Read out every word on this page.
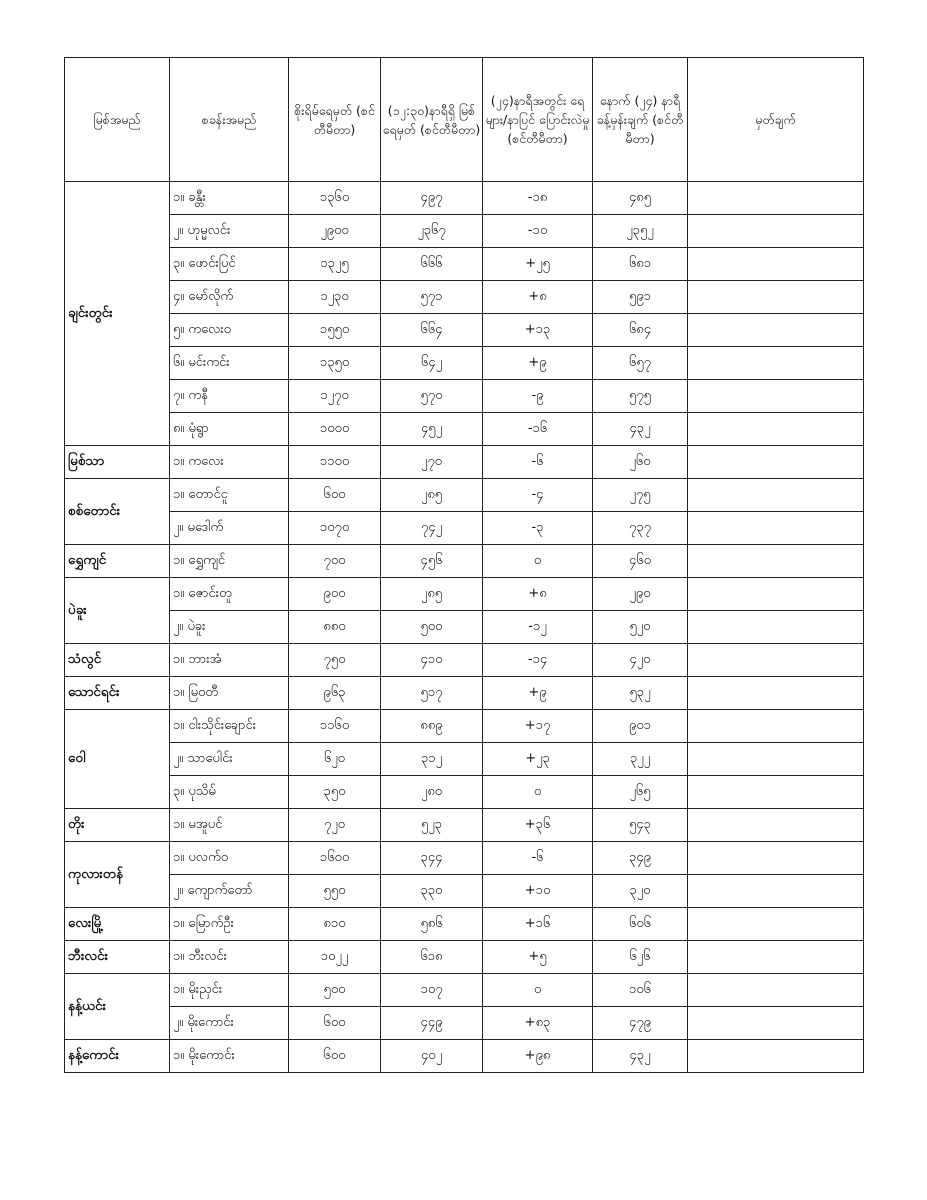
မြစ်အမည်	စခန်းအမည်	စိုးရိမ်ရေမှတ် (စင်တီမီတာ)	(၁၂:၃၀)နာရီရှိ မြစ်ရေမှတ် (စင်တီမီတာ)	(၂၄)နာရီအတွင်း ရေများ/နာပြင် ပြောင်းလဲမှု (စင်တီမီတာ)	နောက် (၂၄) နာရီ ခန့်မှန်းချက် (စင်တီမီတာ)	မှတ်ချက်
ချင်းတွင်း	၁။ ခန္တီး	၁၃၆၀	၄၉၇	-၁၈	၄၈၅	
	၂။ ဟုမ္မလင်း	၂၉၀၀	၂၃၆၇	-၁၀	၂၃၅၂	
	၃။ ဖောင်းပြင်	၁၃၂၅	၆၆၆	+၂၅	၆၈၁	
	၄။ မော်လိုက်	၁၂၃၀	၅၇၁	+၈	၅၉၁	
	၅။ ကလေးဝ	၁၅၅၀	၆၆၄	+၁၃	၆၈၄	
	၆။ မင်းကင်း	၁၃၅၀	၆၄၂	+၉	၆၅၇	
	၇။ ကနီ	၁၂၇၀	၅၇၀	-၉	၅၇၅	
	၈။ မုံရွာ	၁၀၀၀	၄၅၂	-၁၆	၄၃၂	
မြစ်သာ	၁။ ကလေး	၁၁၀၀	၂၇၀	-၆	၂၆၀	
စစ်တောင်း	၁။ တောင်ငူ	၆၀၀	၂၈၅	-၄	၂၇၅	
	၂။ မဒေါက်	၁၀၇၀	၇၄၂	-၃	၇၃၇	
ရွှေကျင်	၁။ ရွှေကျင်	၇၀၀	၄၅၆	၀	၄၆၀	
ပဲခူး	၁။ ဇောင်းတူ	၉၀၀	၂၈၅	+၈	၂၉၀	
	၂။ ပဲခူး	၈၈၀	၅၀၀	-၁၂	၅၂၀	
သံလွင်	၁။ ဘားအံ	၇၅၀	၄၁၀	-၁၄	၄၂၀	
သောင်ရင်း	၁။ မြဝတီ	၉၆၃	၅၁၇	+၉	၅၃၂	
ဝေါ	၁။ ငါးသိုင်းချောင်း	၁၁၆၀	၈၈၉	+၁၇	၉၀၁	
	၂။ သာပေါင်း	၆၂၀	၃၁၂	+၂၃	၃၂၂	
	၃။ ပုသိမ်	၃၅၀	၂၈၀	၀	၂၆၅	
တိုး	၁။ မအူပင်	၇၂၀	၅၂၃	+၃၆	၅၄၃	
ကုလားတန်	၁။ ပလက်ဝ	၁၆၀၀	၃၄၄	-၆	၃၄၉	
	၂။ ကျောက်တော်	၅၅၀	၃၃၀	+၁၀	၃၂၀	
လေးမြို့	၁။ မြောက်ဦး	၈၁၀	၅၈၆	+၁၆	၆၀၆	
ဘီးလင်း	၁။ ဘီးလင်း	၁၀၂၂	၆၁၈	+၅	၆၂၆	
နန့်ယင်း	၁။ မိုးညှင်း	၅၀၀	၁၀၇	၀	၁၀၆	
	၂။ မိုးကောင်း	၆၀၀	၄၄၉	+၈၃	၄၇၉	
နန့်ကောင်း	၁။ မိုးကောင်း	၆၀၀	၄၀၂	+၉၈	၄၃၂	
